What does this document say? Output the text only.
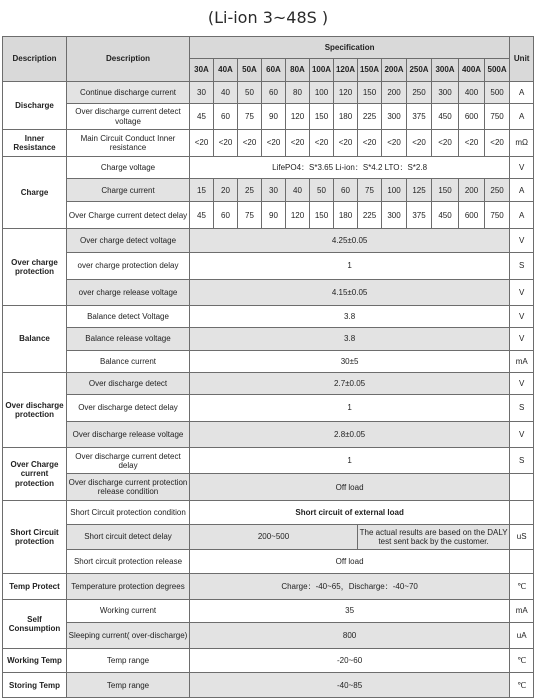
(Li-ion 3~48S )
Description	Description	Specification													Unit
		30A	40A	50A	60A	80A	100A	120A	150A	200A	250A	300A	400A	500A	
Discharge	Continue discharge current	30	40	50	60	80	100	120	150	200	250	300	400	500	A
	Over discharge current detect voltage	45	60	75	90	120	150	180	225	300	375	450	600	750	A
Inner Resistance	Main Circuit Conduct Inner resistance	<20	<20	<20	<20	<20	<20	<20	<20	<20	<20	<20	<20	<20	mΩ
Charge	Charge voltage	LifePO4：S*3.65 Li-ion：S*4.2 LTO：S*2.8													V
	Charge current	15	20	25	30	40	50	60	75	100	125	150	200	250	A
	Over Charge current detect delay	45	60	75	90	120	150	180	225	300	375	450	600	750	A
Over charge protection	Over charge detect voltage	4.25±0.05													V
	over charge protection delay	1													S
	over charge release voltage	4.15±0.05													V
Balance	Balance detect Voltage	3.8													V
	Balance release voltage	3.8													V
	Balance current	30±5													mA
Over discharge protection	Over discharge detect	2.7±0.05													V
	Over discharge detect delay	1													S
	Over discharge release voltage	2.8±0.05													V
Over Charge current protection	Over discharge current detect delay	1													S
	Over discharge current protection release condition	Off load													
Short Circuit protection	Short Circuit protection condition	Short circuit of external load													
	Short circuit detect delay	200~500							The actual results are based on the DALY test sent back by the customer.						uS
	Short circuit protection release	Off load													
Temp Protect	Temperature protection degrees	Charge：-40~65，Discharge：-40~70													℃
Self Consumption	Working current	35													mA
	Sleeping current( over-discharge)	800													uA
Working Temp	Temp range	-20~60													℃
Storing Temp	Temp range	-40~85													℃
